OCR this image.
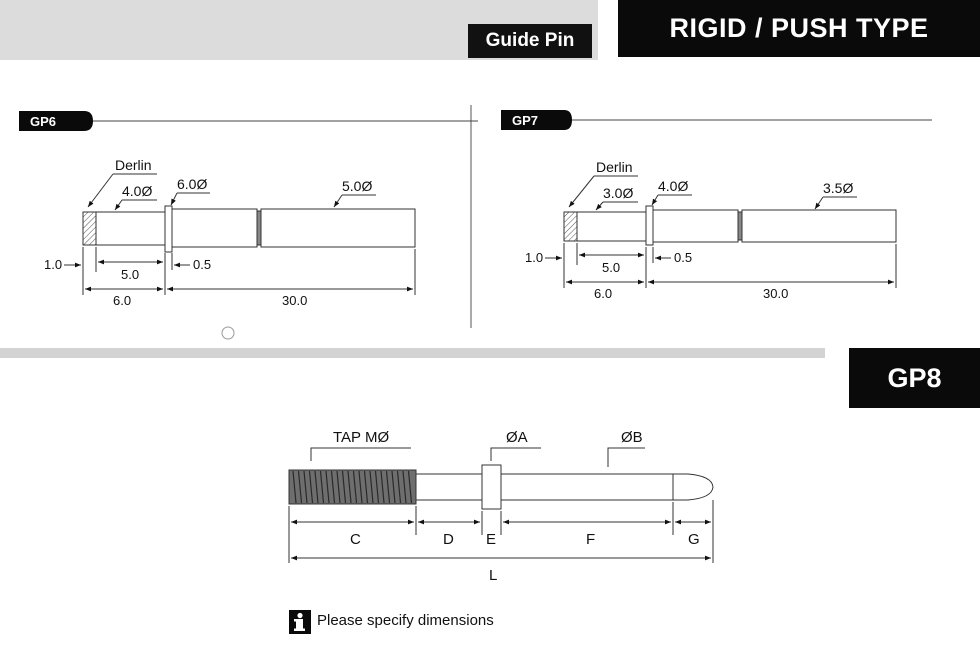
Guide Pin	RIGID / PUSH TYPE
GP8
GP6
Derlin
4.0Ø 6.0Ø	5.0Ø
1.0
5.0
0.5
6.0	30.0
GP7
Derlin
3.0Ø 4.0Ø	3.5Ø
1.0
5.0
0.5
6.0	30.0
TAP MØ	ØA	ØB
C	D E	F	G
L
Please specify dimensions
